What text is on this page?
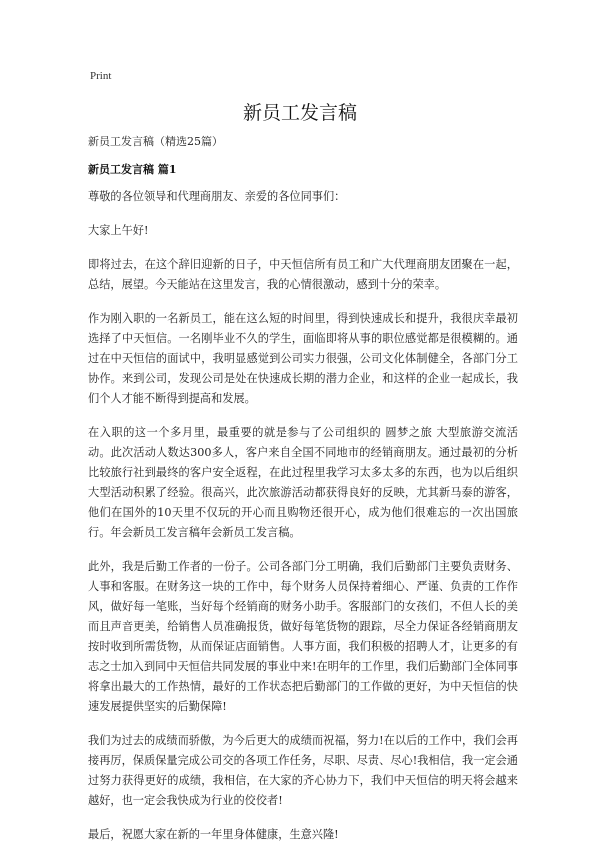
Print
新员工发言稿
新员工发言稿（精选25篇）
新员工发言稿 篇1

尊敬的各位领导和代理商朋友、亲爱的各位同事们：

大家上午好!

即将过去，在这个辞旧迎新的日子，中天恒信所有员工和广大代理商朋友团聚在一起，总结，展望。今天能站在这里发言，我的心情很激动，感到十分的荣幸。

作为刚入职的一名新员工，能在这么短的时间里，得到快速成长和提升，我很庆幸最初选择了中天恒信。一名刚毕业不久的学生，面临即将从事的职位感觉都是很模糊的。通过在中天恒信的面试中，我明显感觉到公司实力很强，公司文化体制健全，各部门分工协作。来到公司，发现公司是处在快速成长期的潜力企业，和这样的企业一起成长，我们个人才能不断得到提高和发展。

在入职的这一个多月里，最重要的就是参与了公司组织的 圆梦之旅 大型旅游交流活动。此次活动人数达300多人，客户来自全国不同地市的经销商朋友。通过最初的分析比较旅行社到最终的客户安全返程，在此过程里我学习太多太多的东西，也为以后组织大型活动积累了经验。很高兴，此次旅游活动都获得良好的反映，尤其新马泰的游客，他们在国外的10天里不仅玩的开心而且购物还很开心，成为他们很难忘的一次出国旅行。年会新员工发言稿年会新员工发言稿。

此外，我是后勤工作者的一份子。公司各部门分工明确，我们后勤部门主要负责财务、人事和客服。在财务这一块的工作中，每个财务人员保持着细心、严谨、负责的工作作风，做好每一笔账，当好每个经销商的财务小助手。客服部门的女孩们，不但人长的美而且声音更美，给销售人员准确报货，做好每笔货物的跟踪，尽全力保证各经销商朋友按时收到所需货物，从而保证店面销售。人事方面，我们积极的招聘人才，让更多的有志之士加入到同中天恒信共同发展的事业中来!在明年的工作里，我们后勤部门全体同事将拿出最大的工作热情，最好的工作状态把后勤部门的工作做的更好，为中天恒信的快速发展提供坚实的后勤保障!

我们为过去的成绩而骄傲，为今后更大的成绩而祝福，努力!在以后的工作中，我们会再接再厉，保质保量完成公司交的各项工作任务，尽职、尽责、尽心!我相信，我一定会通过努力获得更好的成绩，我相信，在大家的齐心协力下，我们中天恒信的明天将会越来越好，也一定会我快成为行业的佼佼者!

最后，祝愿大家在新的一年里身体健康，生意兴隆!
